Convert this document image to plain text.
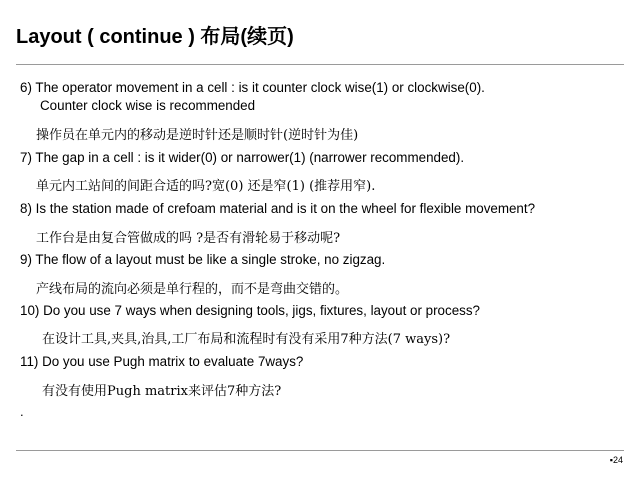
Layout ( continue ) 布局(续页)
6) The operator movement in a cell : is it counter clock wise(1) or clockwise(0).
Counter clock wise is recommended
操作员在单元内的移动是逆时针还是顺时针(逆时针为佳)
7) The gap in a cell : is it wider(0) or narrower(1) (narrower recommended).
单元内工站间的间距合适的吗?宽(0) 还是窄(1) (推荐用窄).
8) Is the station made of crefoam material and is it on the wheel for flexible movement?
工作台是由复合管做成的吗 ?是否有滑轮易于移动呢?
9) The flow of a layout must be like a single stroke, no zigzag.
产线布局的流向必须是单行程的，而不是弯曲交错的。
10) Do you use 7 ways when designing tools, jigs, fixtures, layout or process?
在设计工具,夹具,治具,工厂布局和流程时有没有采用7种方法(7 ways)?
11) Do you use Pugh matrix to evaluate 7ways?
有没有使用Pugh matrix来评估7种方法?
.
▪24
